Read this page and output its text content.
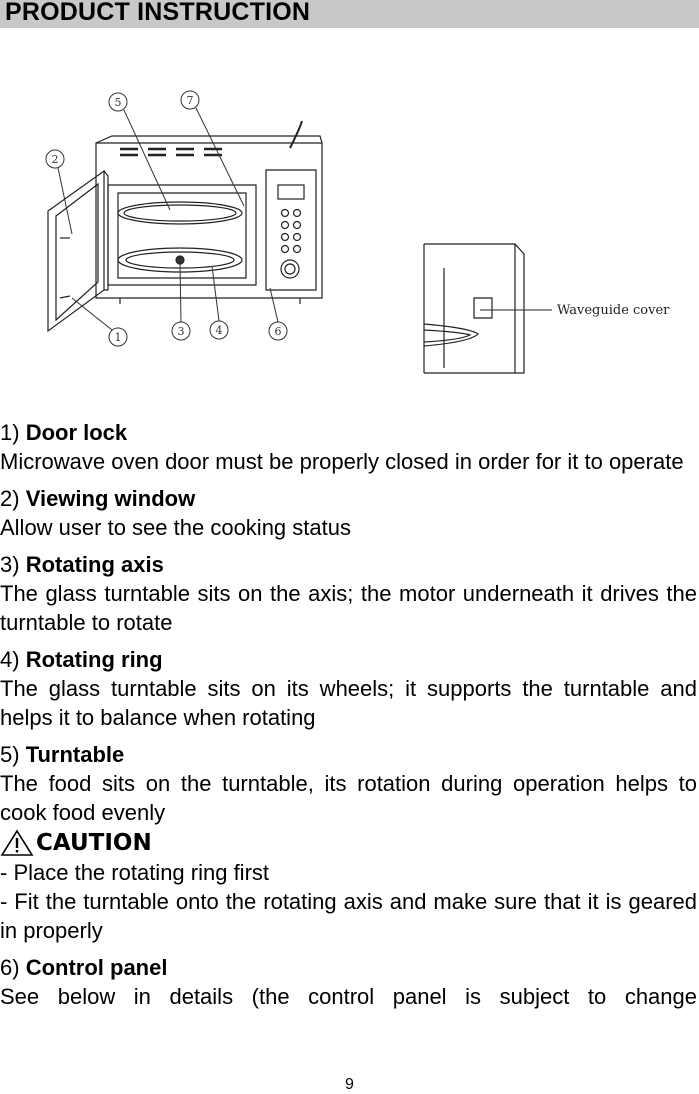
PRODUCT INSTRUCTION
5	7
2
1	3	4	6
Waveguide cover
1) Door lock
Microwave oven door must be properly closed in order for it to operate
2) Viewing window
Allow user to see the cooking status
3) Rotating axis
The glass turntable sits on the axis; the motor underneath it drives the turntable to rotate
4) Rotating ring
The glass turntable sits on its wheels; it supports the turntable and helps it to balance when rotating
5) Turntable
The food sits on the turntable, its rotation during operation helps to cook food evenly
CAUTION
- Place the rotating ring first
- Fit the turntable onto the rotating axis and make sure that it is geared in properly
6) Control panel
See below in details (the control panel is subject to change
9
